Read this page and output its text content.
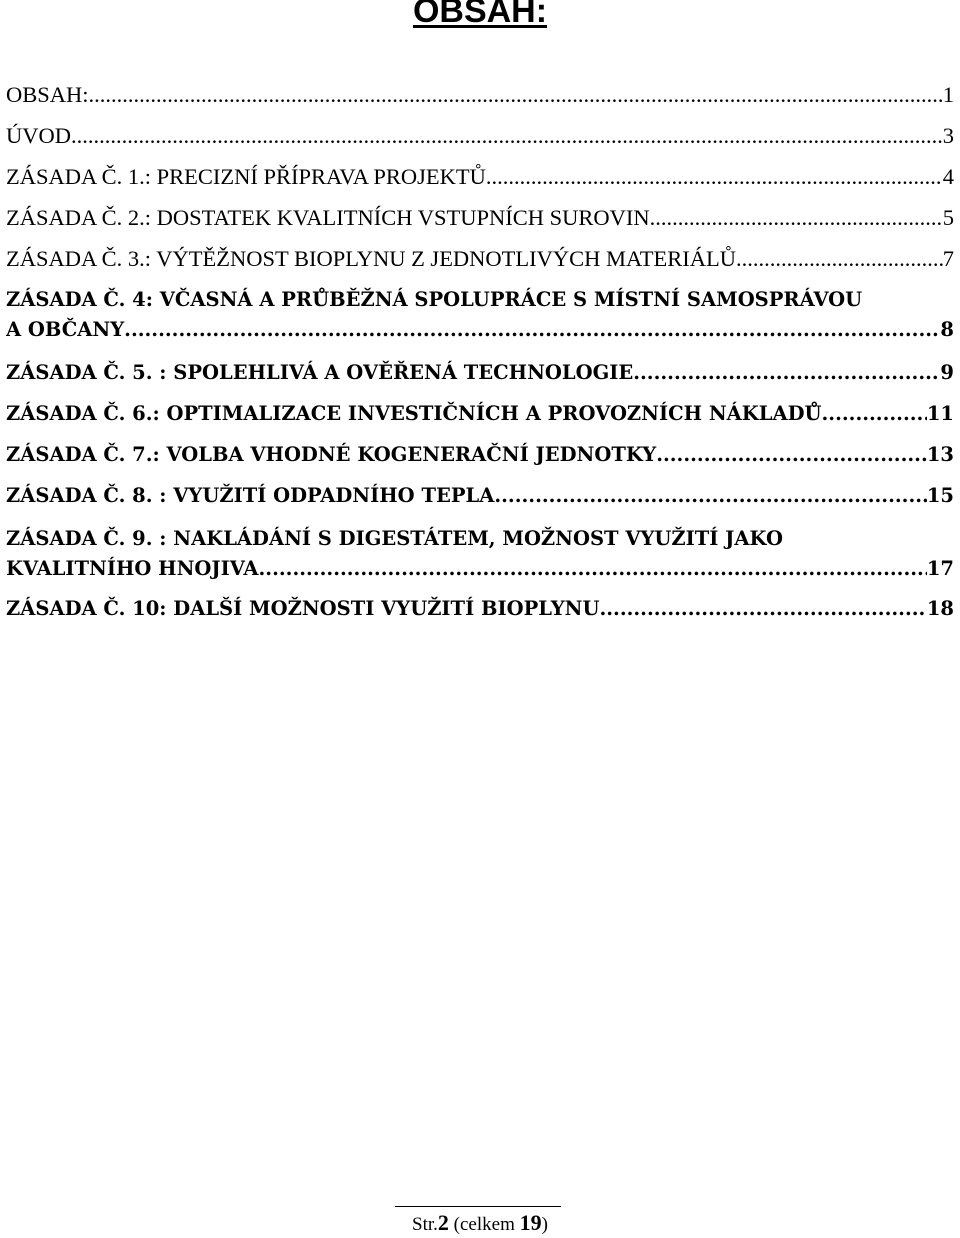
OBSAH:
OBSAH: .....	1
ÚVOD .....	3
ZÁSADA Č. 1.: PRECIZNÍ PŘÍPRAVA PROJEKTŮ .....	4
ZÁSADA Č. 2.: DOSTATEK KVALITNÍCH VSTUPNÍCH SUROVIN .....	5
ZÁSADA Č. 3.: VÝTĚŽNOST BIOPLYNU Z JEDNOTLIVÝCH MATERIÁLŮ .....	7
ZÁSADA Č. 4: VČASNÁ A PRŮBĚŽNÁ SPOLUPRÁCE S MÍSTNÍ SAMOSPRÁVOU
A OBČANY .....	8
ZÁSADA Č. 5. : SPOLEHLIVÁ A OVĚŘENÁ TECHNOLOGIE .....	9
ZÁSADA Č. 6.: OPTIMALIZACE INVESTIČNÍCH A PROVOZNÍCH NÁKLADŮ .....	11
ZÁSADA Č. 7.: VOLBA VHODNÉ KOGENERAČNÍ JEDNOTKY .....	13
ZÁSADA Č. 8. : VYUŽITÍ ODPADNÍHO TEPLA .....	15
ZÁSADA Č. 9. : NAKLÁDÁNÍ S DIGESTÁTEM, MOŽNOST VYUŽITÍ JAKO
KVALITNÍHO HNOJIVA .....	17
ZÁSADA Č. 10: DALŠÍ MOŽNOSTI VYUŽITÍ BIOPLYNU .....	18
Str.2 (celkem 19)
